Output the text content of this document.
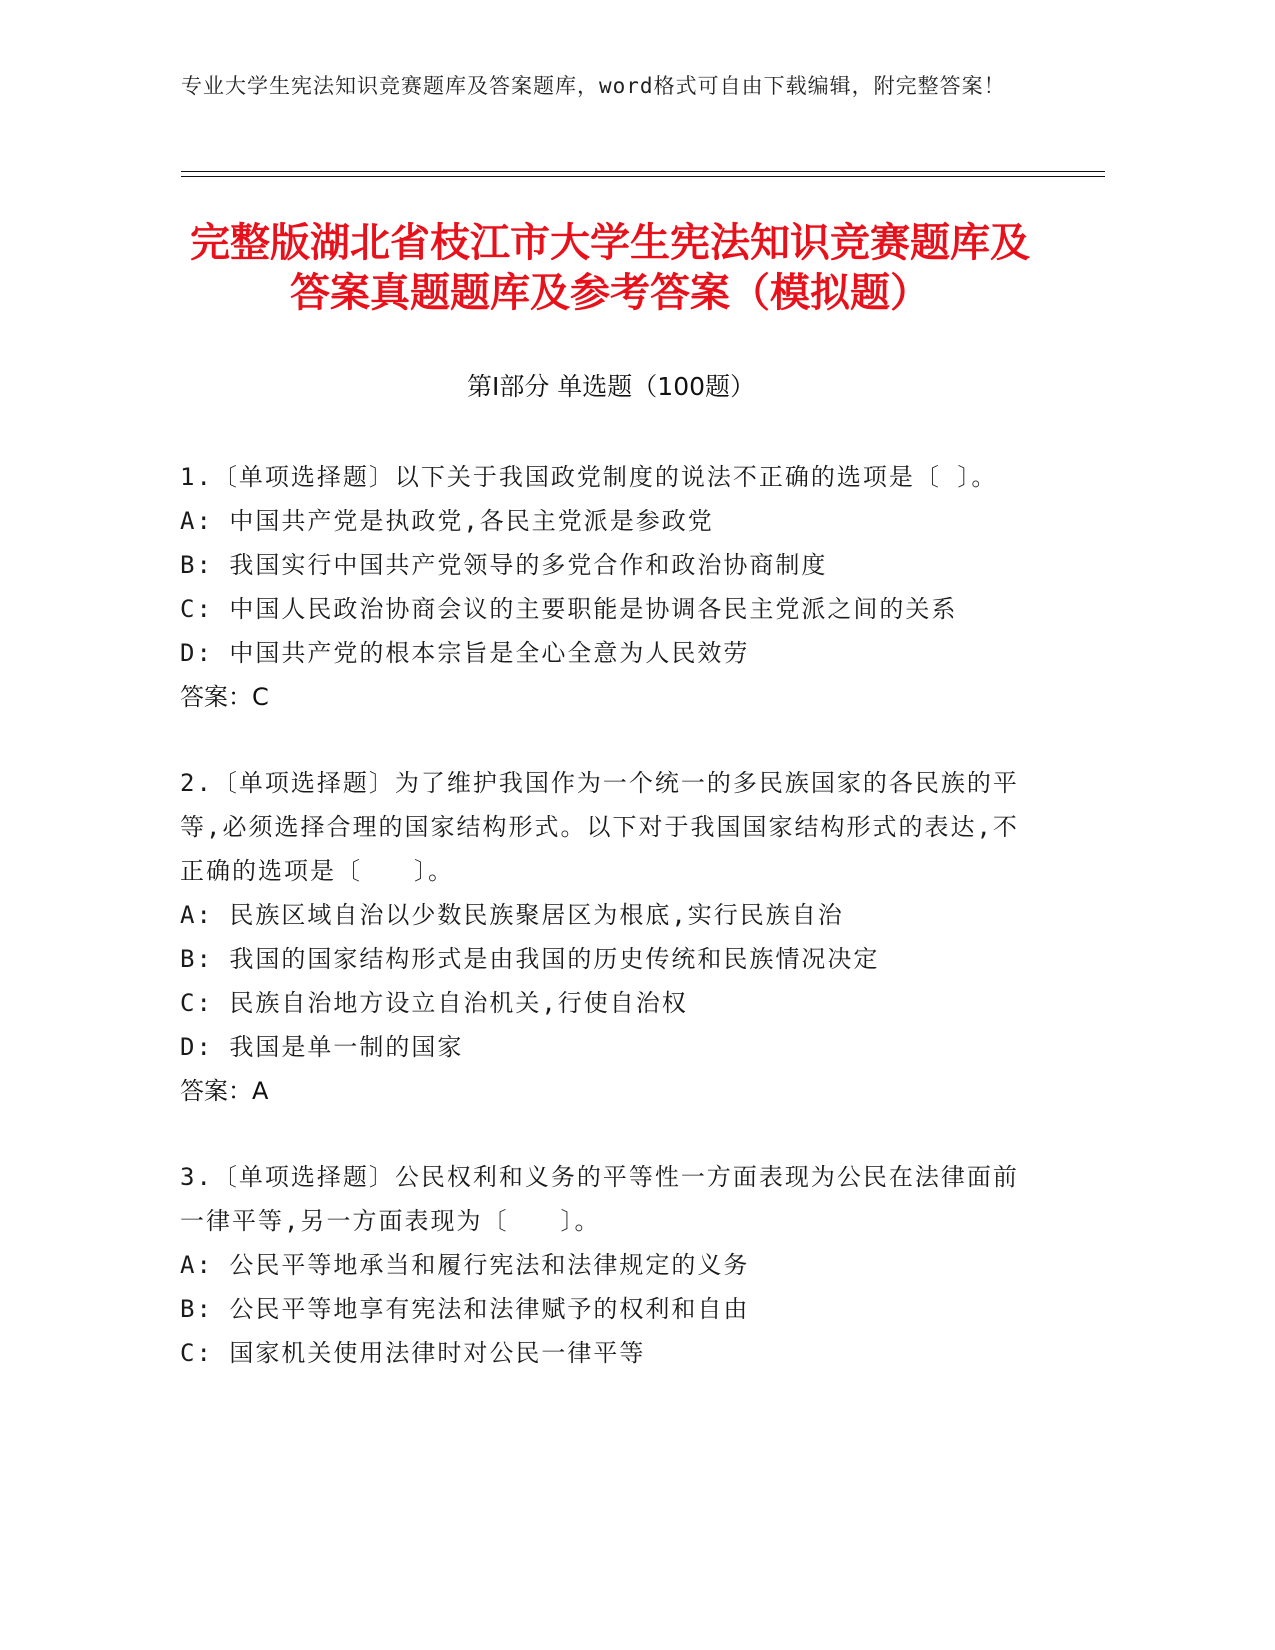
专业大学生宪法知识竞赛题库及答案题库，word格式可自由下载编辑，附完整答案！
完整版湖北省枝江市大学生宪法知识竞赛题库及答案真题题库及参考答案（模拟题）
第Ⅰ部分 单选题（100题）
1.〔单项选择题〕以下关于我国政党制度的说法不正确的选项是〔 〕。
A: 中国共产党是执政党,各民主党派是参政党
B: 我国实行中国共产党领导的多党合作和政治协商制度
C: 中国人民政治协商会议的主要职能是协调各民主党派之间的关系
D: 中国共产党的根本宗旨是全心全意为人民效劳
答案：C
2.〔单项选择题〕为了维护我国作为一个统一的多民族国家的各民族的平等,必须选择合理的国家结构形式。以下对于我国国家结构形式的表达,不正确的选项是〔　　〕。
A: 民族区域自治以少数民族聚居区为根底,实行民族自治
B: 我国的国家结构形式是由我国的历史传统和民族情况决定
C: 民族自治地方设立自治机关,行使自治权
D: 我国是单一制的国家
答案：A
3.〔单项选择题〕公民权利和义务的平等性一方面表现为公民在法律面前一律平等,另一方面表现为〔　　〕。
A: 公民平等地承当和履行宪法和法律规定的义务
B: 公民平等地享有宪法和法律赋予的权利和自由
C: 国家机关使用法律时对公民一律平等
